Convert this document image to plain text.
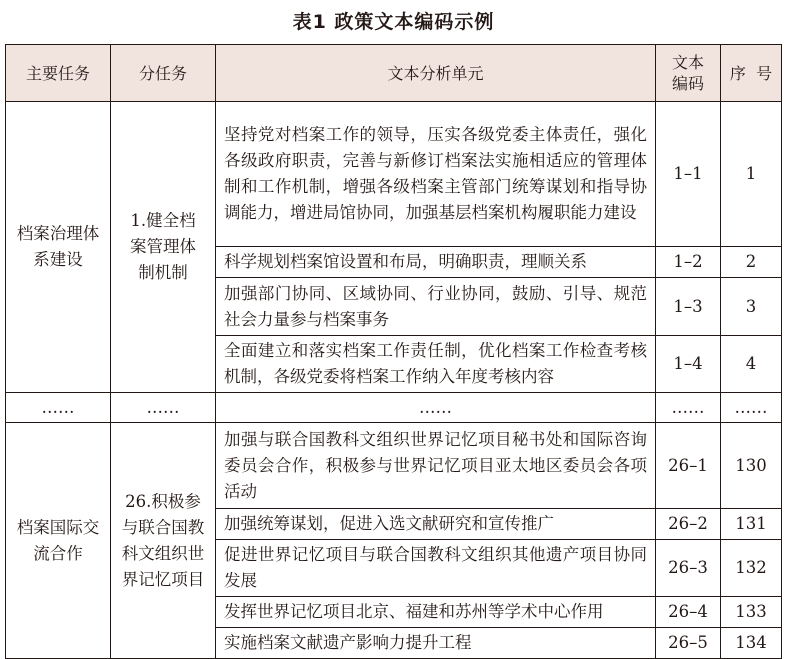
表1 政策文本编码示例
主要任务	分任务	文本分析单元	文本编码	序  号
档案治理体系建设	1.健全档案管理体制机制	坚持党对档案工作的领导，压实各级党委主体责任，强化各级政府职责，完善与新修订档案法实施相适应的管理体制和工作机制，增强各级档案主管部门统筹谋划和指导协调能力，增进局馆协同，加强基层档案机构履职能力建设	1–1	1
		科学规划档案馆设置和布局，明确职责，理顺关系	1–2	2
		加强部门协同、区域协同、行业协同，鼓励、引导、规范社会力量参与档案事务	1–3	3
		全面建立和落实档案工作责任制，优化档案工作检查考核机制，各级党委将档案工作纳入年度考核内容	1–4	4
……	……	……	……	……
档案国际交流合作	26.积极参与联合国教科文组织世界记忆项目	加强与联合国教科文组织世界记忆项目秘书处和国际咨询委员会合作，积极参与世界记忆项目亚太地区委员会各项活动	26–1	130
		加强统筹谋划，促进入选文献研究和宣传推广	26–2	131
		促进世界记忆项目与联合国教科文组织其他遗产项目协同发展	26–3	132
		发挥世界记忆项目北京、福建和苏州等学术中心作用	26–4	133
		实施档案文献遗产影响力提升工程	26–5	134
